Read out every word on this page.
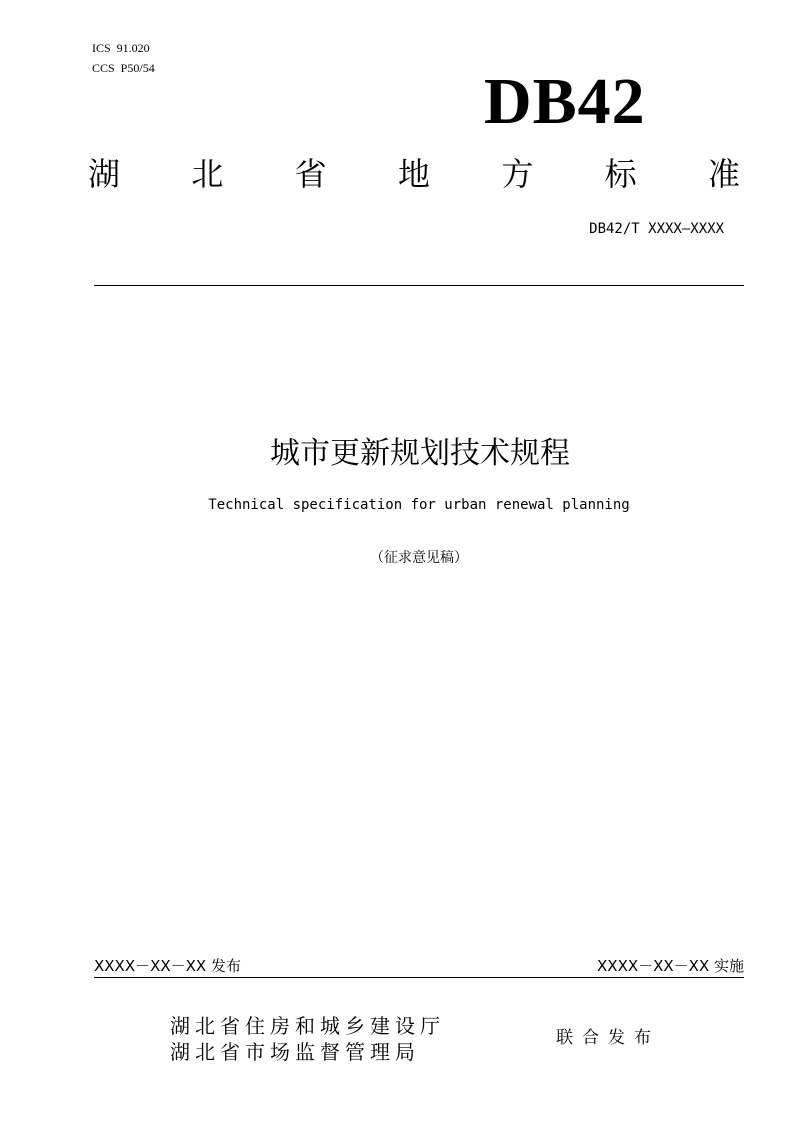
ICS  91.020
CCS  P50/54	DB42
湖 北 省 地 方 标 准
DB42/T XXXX—XXXX
城市更新规划技术规程
Technical specification for urban renewal planning
（征求意见稿）
XXXX－XX－XX 发布	XXXX－XX－XX 实施
湖北省住房和城乡建设厅
湖北省市场监督管理局
联合发布
